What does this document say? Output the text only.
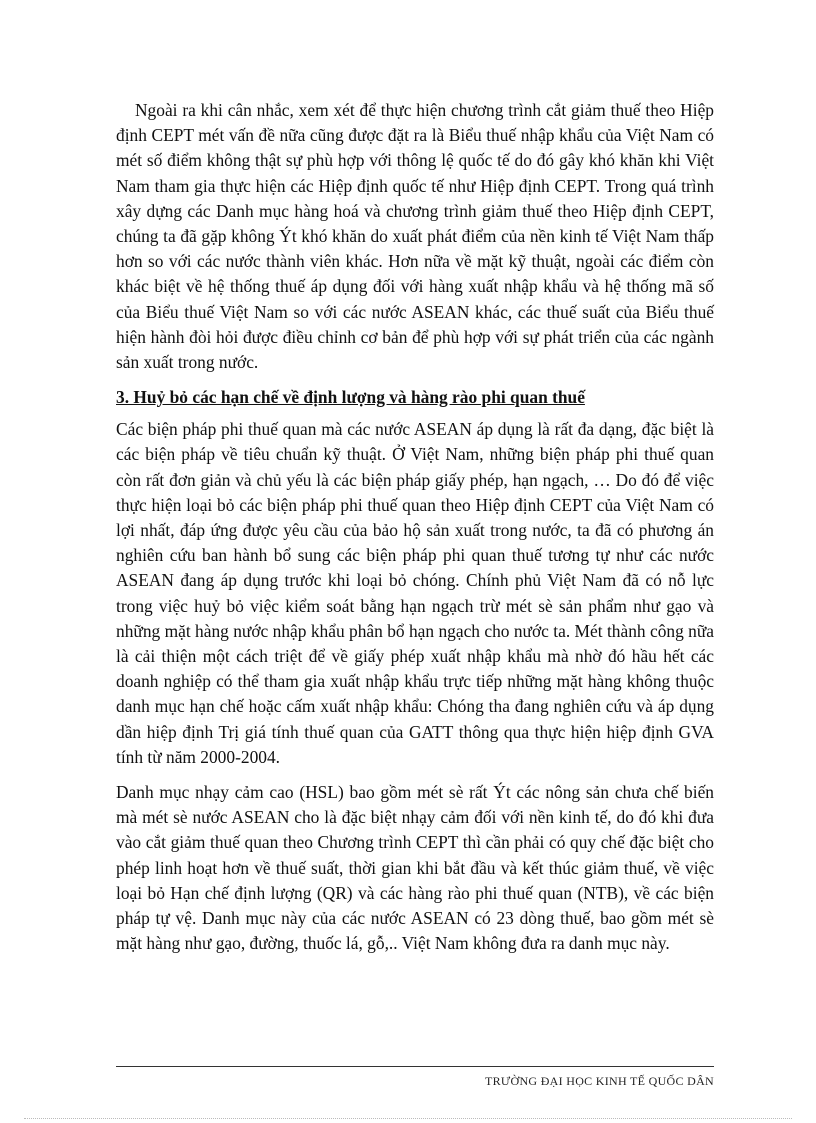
Ngoài ra khi cân nhắc, xem xét để thực hiện chương trình cắt giảm thuế theo Hiệp định CEPT mét vấn đề nữa cũng được đặt ra là Biểu thuế nhập khẩu của Việt Nam có mét số điểm không thật sự phù hợp với thông lệ quốc tế do đó gây khó khăn khi Việt Nam tham gia thực hiện các Hiệp định quốc tế như Hiệp định CEPT. Trong quá trình xây dựng các Danh mục hàng hoá và chương trình giảm thuế theo Hiệp định CEPT, chúng ta đã gặp không Ýt khó khăn do xuất phát điểm của nền kinh tế Việt Nam thấp hơn so với các nước thành viên khác. Hơn nữa về mặt kỹ thuật, ngoài các điểm còn khác biệt về hệ thống thuế áp dụng đối với hàng xuất nhập khẩu và hệ thống mã số của Biểu thuế Việt Nam so với các nước ASEAN khác, các thuế suất của Biểu thuế hiện hành đòi hỏi được điều chỉnh cơ bản để phù hợp với sự phát triển của các ngành sản xuất trong nước.

3. Huỷ bỏ các hạn chế về định lượng và hàng rào phi quan thuế

Các biện pháp phi thuế quan mà các nước ASEAN áp dụng là rất đa dạng, đặc biệt là các biện pháp về tiêu chuẩn kỹ thuật. Ở Việt Nam, những biện pháp phi thuế quan còn rất đơn giản và chủ yếu là các biện pháp giấy phép, hạn ngạch, … Do đó để việc thực hiện loại bỏ các biện pháp phi thuế quan theo Hiệp định CEPT của Việt Nam có lợi nhất, đáp ứng được yêu cầu của bảo hộ sản xuất trong nước, ta đã có phương án nghiên cứu ban hành bổ sung các biện pháp phi quan thuế tương tự như các nước ASEAN đang áp dụng trước khi loại bỏ chóng. Chính phủ Việt Nam đã có nỗ lực trong việc huỷ bỏ việc kiểm soát bằng hạn ngạch trừ mét sè sản phẩm như gạo và những mặt hàng nước nhập khẩu phân bổ hạn ngạch cho nước ta. Mét thành công nữa là cải thiện một cách triệt để về giấy phép xuất nhập khẩu mà nhờ đó hầu hết các doanh nghiệp có thể tham gia xuất nhập khẩu trực tiếp những mặt hàng không thuộc danh mục hạn chế hoặc cấm xuất nhập khẩu: Chóng tha đang nghiên cứu và áp dụng dần hiệp định Trị giá tính thuế quan của GATT thông qua thực hiện hiệp định GVA tính từ năm 2000-2004.

Danh mục nhạy cảm cao (HSL) bao gồm mét sè rất Ýt các nông sản chưa chế biến mà mét sè nước ASEAN cho là đặc biệt nhạy cảm đối với nền kinh tế, do đó khi đưa vào cắt giảm thuế quan theo Chương trình CEPT thì cần phải có quy chế đặc biệt cho phép linh hoạt hơn về thuế suất, thời gian khi bắt đầu và kết thúc giảm thuế, về việc loại bỏ Hạn chế định lượng (QR) và các hàng rào phi thuế quan (NTB), về các biện pháp tự vệ. Danh mục này của các nước ASEAN có 23 dòng thuế, bao gồm mét sè mặt hàng như gạo, đường, thuốc lá, gỗ,.. Việt Nam không đưa ra danh mục này.

TRƯỜNG ĐẠI HỌC KINH TẾ QUỐC DÂN
